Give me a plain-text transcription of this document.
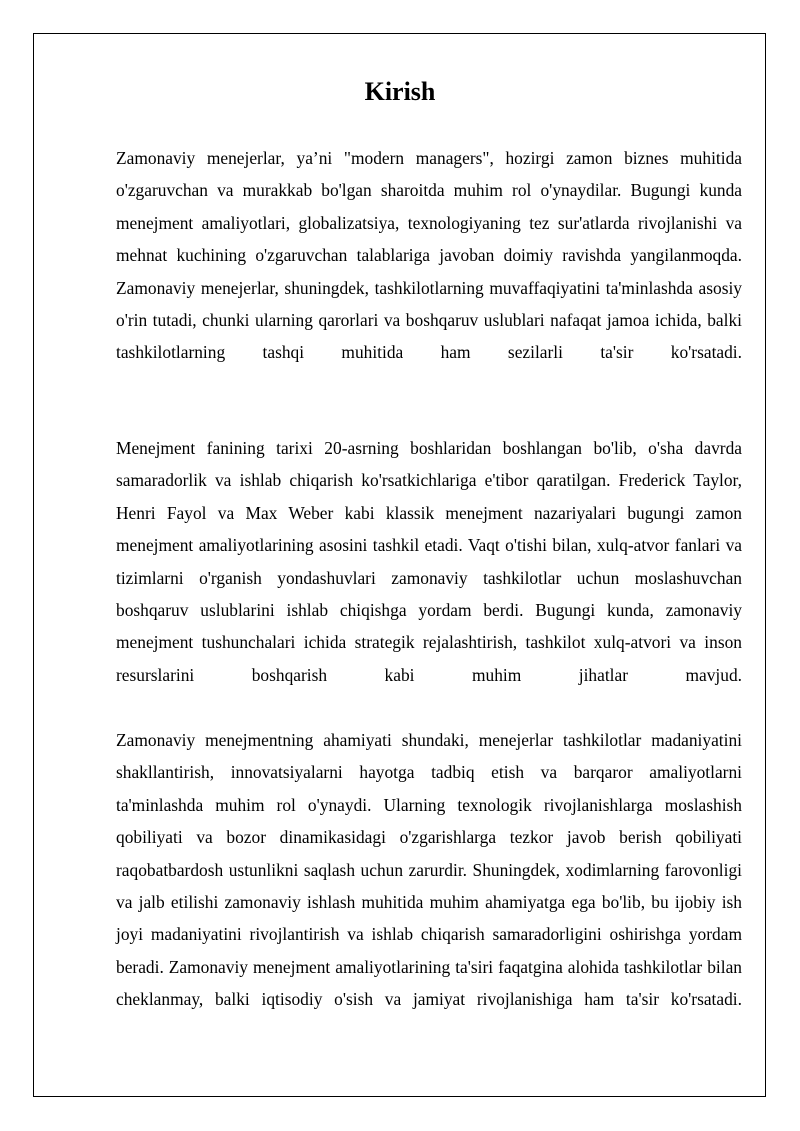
Kirish

Zamonaviy menejerlar, ya’ni "modern managers", hozirgi zamon biznes muhitida o'zgaruvchan va murakkab bo'lgan sharoitda muhim rol o'ynaydilar. Bugungi kunda menejment amaliyotlari, globalizatsiya, texnologiyaning tez sur'atlarda rivojlanishi va mehnat kuchining o'zgaruvchan talablariga javoban doimiy ravishda yangilanmoqda. Zamonaviy menejerlar, shuningdek, tashkilotlarning muvaffaqiyatini ta'minlashda asosiy o'rin tutadi, chunki ularning qarorlari va boshqaruv uslublari nafaqat jamoa ichida, balki tashkilotlarning tashqi muhitida ham sezilarli ta'sir ko'rsatadi.

Menejment fanining tarixi 20-asrning boshlaridan boshlangan bo'lib, o'sha davrda samaradorlik va ishlab chiqarish ko'rsatkichlariga e'tibor qaratilgan. Frederick Taylor, Henri Fayol va Max Weber kabi klassik menejment nazariyalari bugungi zamon menejment amaliyotlarining asosini tashkil etadi. Vaqt o'tishi bilan, xulq-atvor fanlari va tizimlarni o'rganish yondashuvlari zamonaviy tashkilotlar uchun moslashuvchan boshqaruv uslublarini ishlab chiqishga yordam berdi. Bugungi kunda, zamonaviy menejment tushunchalari ichida strategik rejalashtirish, tashkilot xulq-atvori va inson resurslarini boshqarish kabi muhim jihatlar mavjud.

Zamonaviy menejmentning ahamiyati shundaki, menejerlar tashkilotlar madaniyatini shakllantirish, innovatsiyalarni hayotga tadbiq etish va barqaror amaliyotlarni ta'minlashda muhim rol o'ynaydi. Ularning texnologik rivojlanishlarga moslashish qobiliyati va bozor dinamikasidagi o'zgarishlarga tezkor javob berish qobiliyati raqobatbardosh ustunlikni saqlash uchun zarurdir. Shuningdek, xodimlarning farovonligi va jalb etilishi zamonaviy ishlash muhitida muhim ahamiyatga ega bo'lib, bu ijobiy ish joyi madaniyatini rivojlantirish va ishlab chiqarish samaradorligini oshirishga yordam beradi. Zamonaviy menejment amaliyotlarining ta'siri faqatgina alohida tashkilotlar bilan cheklanmay, balki iqtisodiy o'sish va jamiyat rivojlanishiga ham ta'sir ko'rsatadi.
